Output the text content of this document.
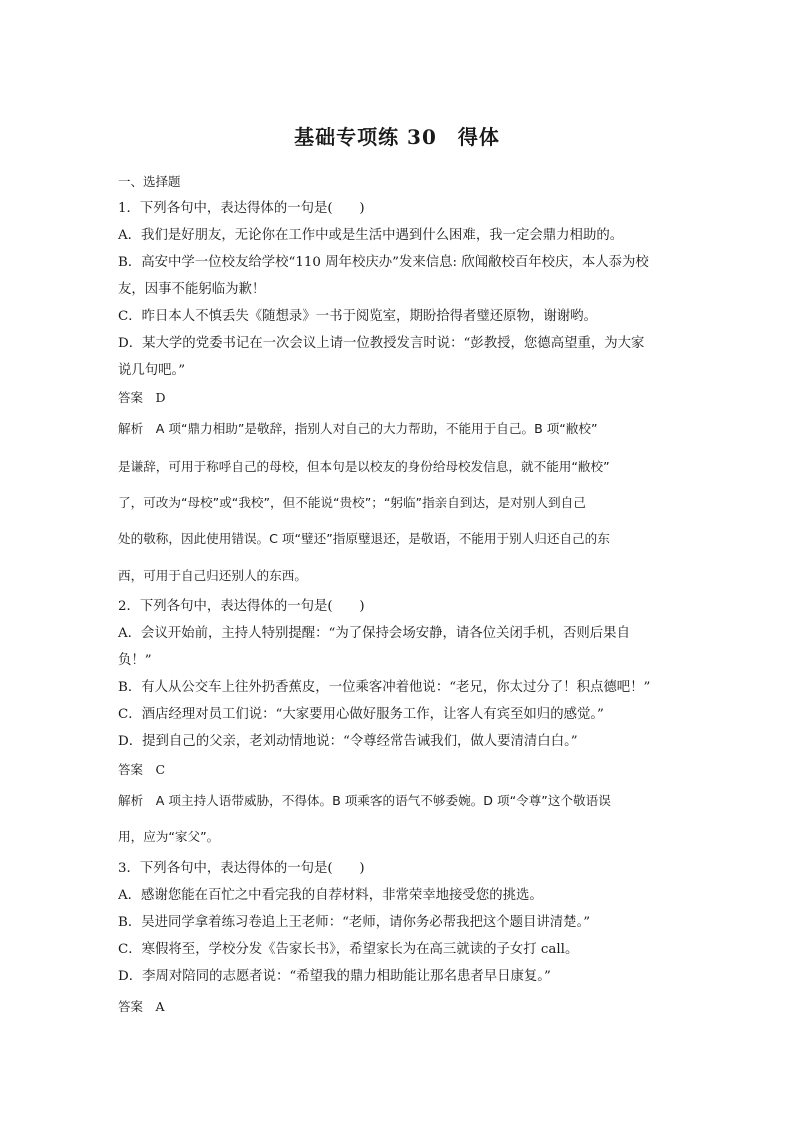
基础专项练 30　得体
一、选择题
1．下列各句中，表达得体的一句是(　　)
A．我们是好朋友，无论你在工作中或是生活中遇到什么困难，我一定会鼎力相助的。
B．高安中学一位校友给学校“110 周年校庆办”发来信息: 欣闻敝校百年校庆，本人忝为校
友，因事不能躬临为歉！
C．昨日本人不慎丢失《随想录》一书于阅览室，期盼拾得者璧还原物，谢谢哟。
D．某大学的党委书记在一次会议上请一位教授发言时说：“彭教授，您德高望重，为大家
说几句吧。”
答案　D
解析　A 项“鼎力相助”是敬辞，指别人对自己的大力帮助，不能用于自己。B 项“敝校”
是谦辞，可用于称呼自己的母校，但本句是以校友的身份给母校发信息，就不能用“敝校”
了，可改为“母校”或“我校”，但不能说“贵校”；“躬临”指亲自到达，是对别人到自己
处的敬称，因此使用错误。C 项“璧还”指原璧退还，是敬语，不能用于别人归还自己的东
西，可用于自己归还别人的东西。
2．下列各句中，表达得体的一句是(　　)
A．会议开始前，主持人特别提醒：“为了保持会场安静，请各位关闭手机，否则后果自
负！”
B．有人从公交车上往外扔香蕉皮，一位乘客冲着他说：“老兄，你太过分了！积点德吧！”
C．酒店经理对员工们说：“大家要用心做好服务工作，让客人有宾至如归的感觉。”
D．提到自己的父亲，老刘动情地说：“令尊经常告诫我们，做人要清清白白。”
答案　C
解析　A 项主持人语带威胁，不得体。B 项乘客的语气不够委婉。D 项“令尊”这个敬语误
用，应为“家父”。
3．下列各句中，表达得体的一句是(　　)
A．感谢您能在百忙之中看完我的自荐材料，非常荣幸地接受您的挑选。
B．吴进同学拿着练习卷追上王老师：“老师，请你务必帮我把这个题目讲清楚。”
C．寒假将至，学校分发《告家长书》，希望家长为在高三就读的子女打 call。
D．李周对陪同的志愿者说：“希望我的鼎力相助能让那名患者早日康复。”
答案　A
